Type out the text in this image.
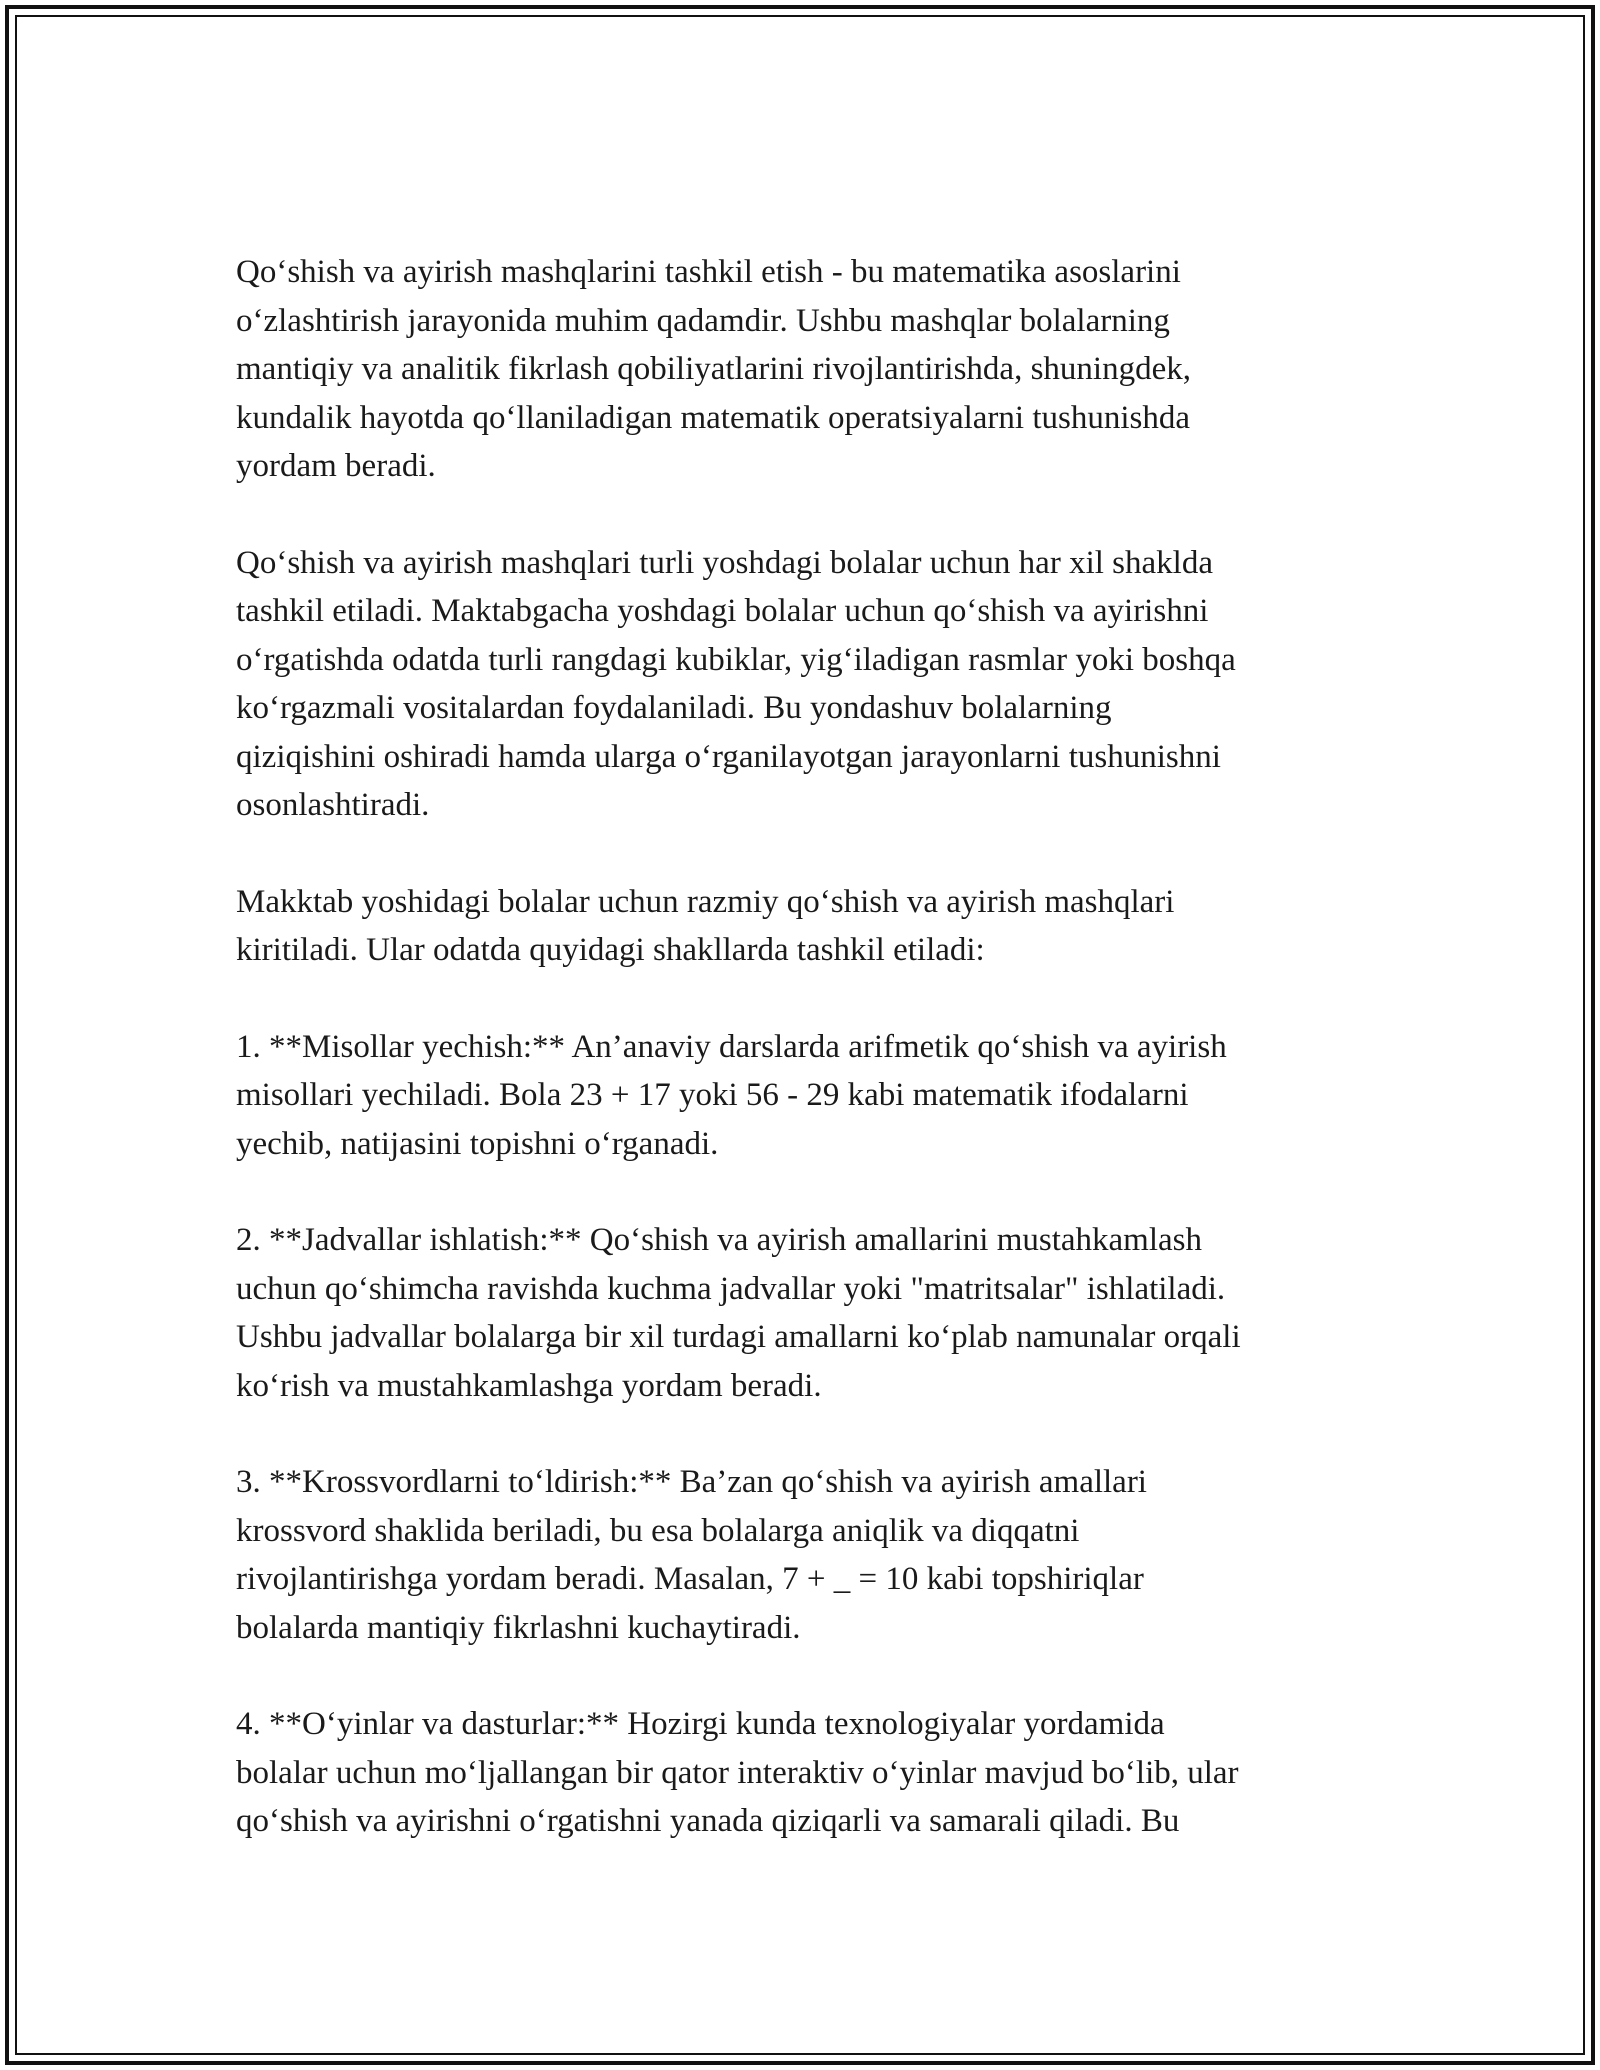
Qo‘shish va ayirish mashqlarini tashkil etish - bu matematika asoslarini
o‘zlashtirish jarayonida muhim qadamdir. Ushbu mashqlar bolalarning
mantiqiy va analitik fikrlash qobiliyatlarini rivojlantirishda, shuningdek,
kundalik hayotda qo‘llaniladigan matematik operatsiyalarni tushunishda
yordam beradi.

Qo‘shish va ayirish mashqlari turli yoshdagi bolalar uchun har xil shaklda
tashkil etiladi. Maktabgacha yoshdagi bolalar uchun qo‘shish va ayirishni
o‘rgatishda odatda turli rangdagi kubiklar, yig‘iladigan rasmlar yoki boshqa
ko‘rgazmali vositalardan foydalaniladi. Bu yondashuv bolalarning
qiziqishini oshiradi hamda ularga o‘rganilayotgan jarayonlarni tushunishni
osonlashtiradi.

Makktab yoshidagi bolalar uchun razmiy qo‘shish va ayirish mashqlari
kiritiladi. Ular odatda quyidagi shakllarda tashkil etiladi:

1. **Misollar yechish:** An’anaviy darslarda arifmetik qo‘shish va ayirish
misollari yechiladi. Bola 23 + 17 yoki 56 - 29 kabi matematik ifodalarni
yechib, natijasini topishni o‘rganadi.

2. **Jadvallar ishlatish:** Qo‘shish va ayirish amallarini mustahkamlash
uchun qo‘shimcha ravishda kuchma jadvallar yoki "matritsalar" ishlatiladi.
Ushbu jadvallar bolalarga bir xil turdagi amallarni ko‘plab namunalar orqali
ko‘rish va mustahkamlashga yordam beradi.

3. **Krossvordlarni to‘ldirish:** Ba’zan qo‘shish va ayirish amallari
krossvord shaklida beriladi, bu esa bolalarga aniqlik va diqqatni
rivojlantirishga yordam beradi. Masalan, 7 + _ = 10 kabi topshiriqlar
bolalarda mantiqiy fikrlashni kuchaytiradi.

4. **O‘yinlar va dasturlar:** Hozirgi kunda texnologiyalar yordamida
bolalar uchun mo‘ljallangan bir qator interaktiv o‘yinlar mavjud bo‘lib, ular
qo‘shish va ayirishni o‘rgatishni yanada qiziqarli va samarali qiladi. Bu
